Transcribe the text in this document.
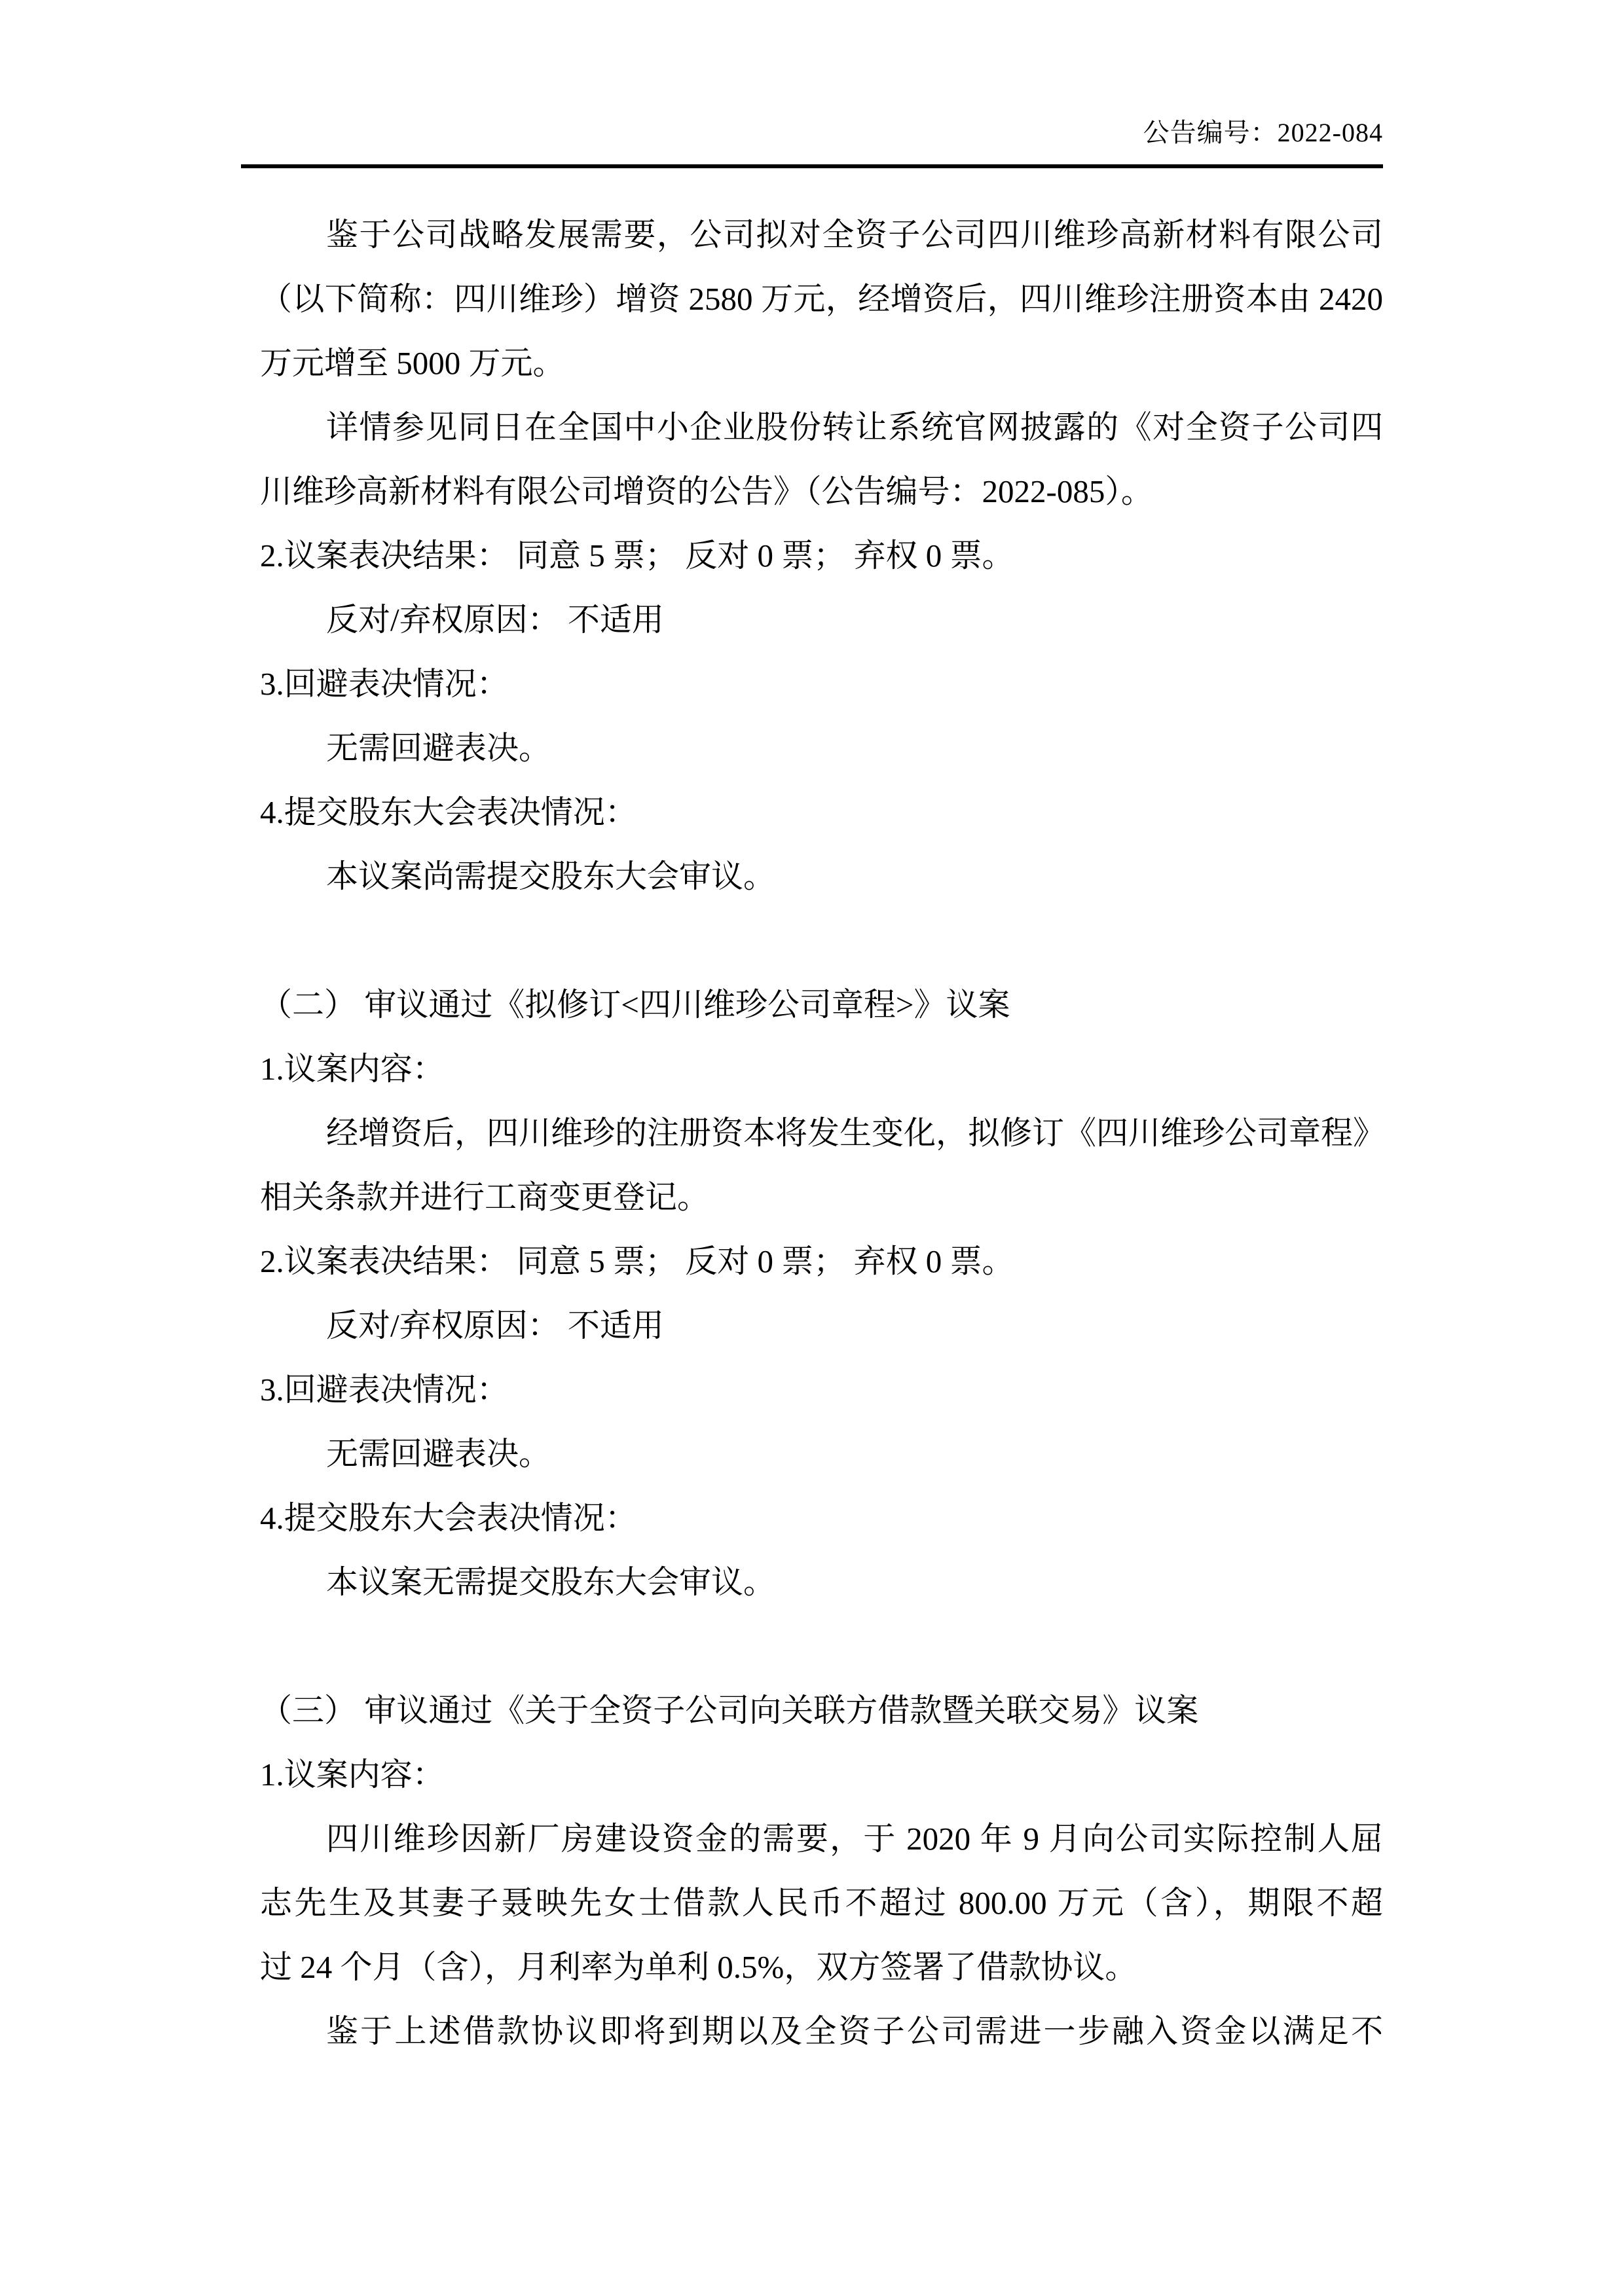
公告编号：2022-084
鉴于公司战略发展需要，公司拟对全资子公司四川维珍高新材料有限公司
（以下简称：四川维珍）增资 2580 万元，经增资后，四川维珍注册资本由 2420
万元增至 5000 万元。
详情参见同日在全国中小企业股份转让系统官网披露的《对全资子公司四
川维珍高新材料有限公司增资的公告》（公告编号：2022-085）。
2.议案表决结果： 同意 5 票； 反对 0 票； 弃权 0 票。
反对/弃权原因： 不适用
3.回避表决情况：
无需回避表决。
4.提交股东大会表决情况：
本议案尚需提交股东大会审议。
（二） 审议通过《拟修订<四川维珍公司章程>》议案
1.议案内容：
经增资后，四川维珍的注册资本将发生变化，拟修订《四川维珍公司章程》
相关条款并进行工商变更登记。
2.议案表决结果： 同意 5 票； 反对 0 票； 弃权 0 票。
反对/弃权原因： 不适用
3.回避表决情况：
无需回避表决。
4.提交股东大会表决情况：
本议案无需提交股东大会审议。
（三） 审议通过《关于全资子公司向关联方借款暨关联交易》议案
1.议案内容：
四川维珍因新厂房建设资金的需要，于 2020 年 9 月向公司实际控制人屈
志先生及其妻子聂映先女士借款人民币不超过 800.00 万元（含），期限不超
过 24 个月（含），月利率为单利 0.5%，双方签署了借款协议。
鉴于上述借款协议即将到期以及全资子公司需进一步融入资金以满足不
